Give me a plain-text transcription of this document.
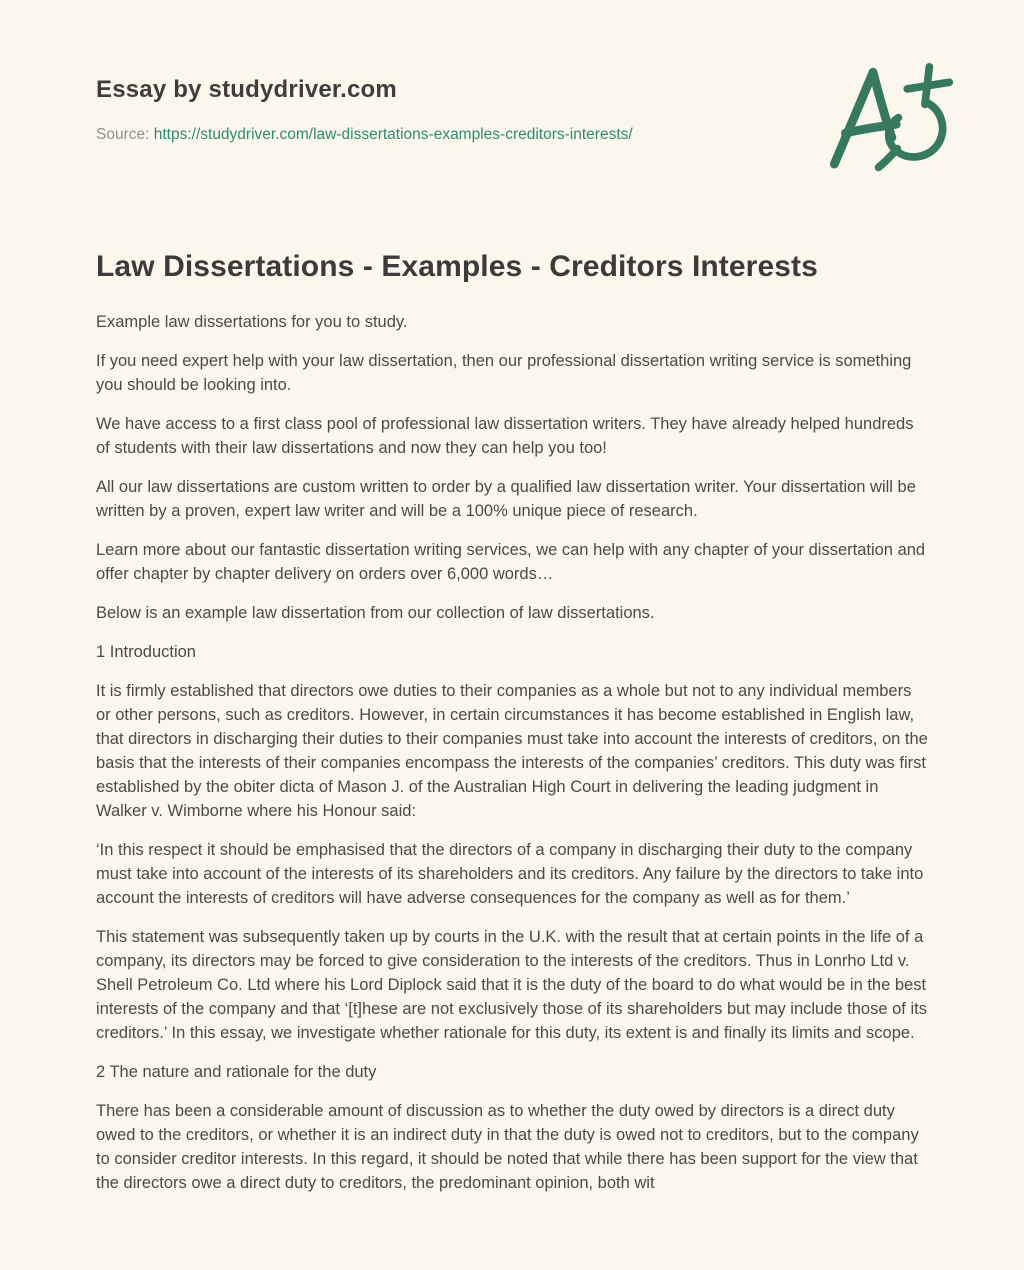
Essay by studydriver.com

Source: https://studydriver.com/law-dissertations-examples-creditors-interests/

Law Dissertations - Examples - Creditors Interests

Example law dissertations for you to study.

If you need expert help with your law dissertation, then our professional dissertation writing service is something you should be looking into.

We have access to a first class pool of professional law dissertation writers. They have already helped hundreds of students with their law dissertations and now they can help you too!

All our law dissertations are custom written to order by a qualified law dissertation writer. Your dissertation will be written by a proven, expert law writer and will be a 100% unique piece of research.

Learn more about our fantastic dissertation writing services, we can help with any chapter of your dissertation and offer chapter by chapter delivery on orders over 6,000 words…

Below is an example law dissertation from our collection of law dissertations.

1 Introduction

It is firmly established that directors owe duties to their companies as a whole but not to any individual members or other persons, such as creditors. However, in certain circumstances it has become established in English law, that directors in discharging their duties to their companies must take into account the interests of creditors, on the basis that the interests of their companies encompass the interests of the companies’ creditors. This duty was first established by the obiter dicta of Mason J. of the Australian High Court in delivering the leading judgment in Walker v. Wimborne where his Honour said:

‘In this respect it should be emphasised that the directors of a company in discharging their duty to the company must take into account of the interests of its shareholders and its creditors. Any failure by the directors to take into account the interests of creditors will have adverse consequences for the company as well as for them.’

This statement was subsequently taken up by courts in the U.K. with the result that at certain points in the life of a company, its directors may be forced to give consideration to the interests of the creditors. Thus in Lonrho Ltd v. Shell Petroleum Co. Ltd where his Lord Diplock said that it is the duty of the board to do what would be in the best interests of the company and that ‘[t]hese are not exclusively those of its shareholders but may include those of its creditors.’ In this essay, we investigate whether rationale for this duty, its extent is and finally its limits and scope.

2 The nature and rationale for the duty

There has been a considerable amount of discussion as to whether the duty owed by directors is a direct duty owed to the creditors, or whether it is an indirect duty in that the duty is owed not to creditors, but to the company to consider creditor interests. In this regard, it should be noted that while there has been support for the view that the directors owe a direct duty to creditors, the predominant opinion, both wit
